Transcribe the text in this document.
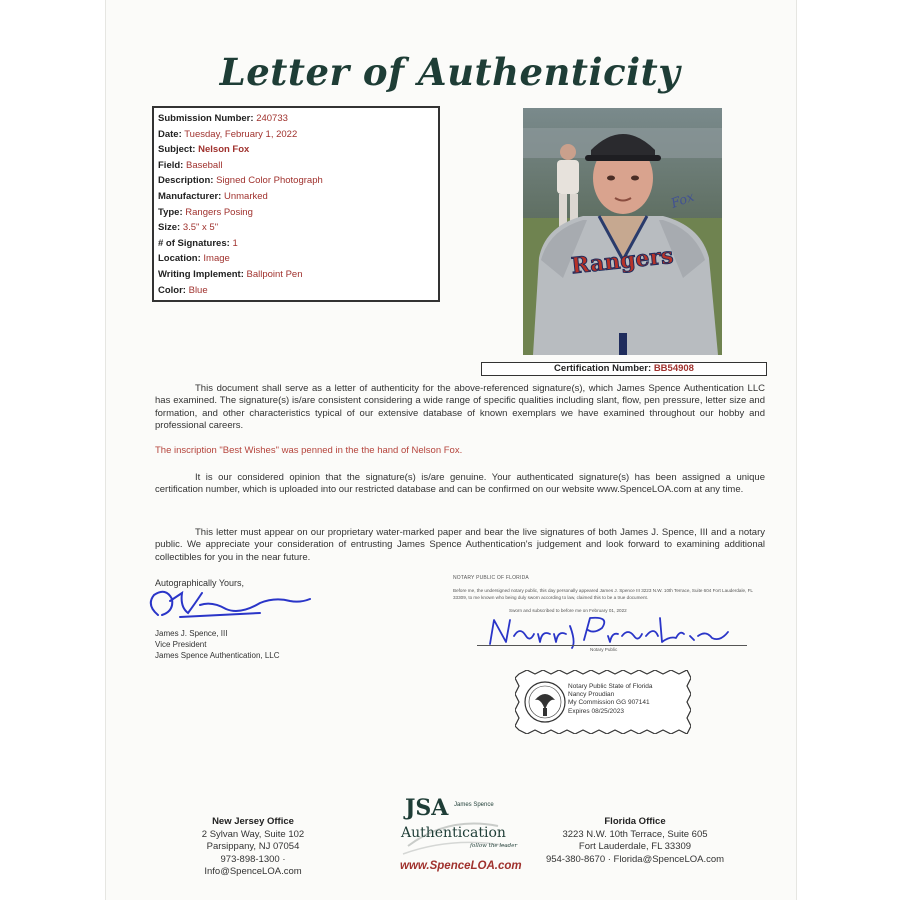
Letter of Authenticity
Submission Number: 240733
Date: Tuesday, February 1, 2022
Subject: Nelson Fox
Field: Baseball
Description: Signed Color Photograph
Manufacturer: Unmarked
Type: Rangers Posing
Size: 3.5" x 5"
# of Signatures: 1
Location: Image
Writing Implement: Ballpoint Pen
Color: Blue
Rangers
Fox
Certification Number: BB54908
This document shall serve as a letter of authenticity for the above-referenced signature(s), which James Spence Authentication LLC has examined. The signature(s) is/are consistent considering a wide range of specific qualities including slant, flow, pen pressure, letter size and formation, and other characteristics typical of our extensive database of known exemplars we have examined throughout our hobby and professional careers.
The inscription "Best Wishes" was penned in the the hand of Nelson Fox.
It is our considered opinion that the signature(s) is/are genuine. Your authenticated signature(s) has been assigned a unique certification number, which is uploaded into our restricted database and can be confirmed on our website www.SpenceLOA.com at any time.
This letter must appear on our proprietary water-marked paper and bear the live signatures of both James J. Spence, III and a notary public. We appreciate your consideration of entrusting James Spence Authentication's judgement and look forward to examining additional collectibles for you in the near future.
Autographically Yours,
James J. Spence, III
Vice President
James Spence Authentication, LLC
NOTARY PUBLIC OF FLORIDA
Before me, the undersigned notary public, this day personally appeared James J. Spence III 3223 N.W. 10th Terrace, Suite 604 Fort Lauderdale, FL 33309, to me known who being duly sworn according to law, claimed this to be a true document.
Sworn and subscribed to before me on February 01, 2022
Notary Public
Notary Public State of Florida
Nancy Proudian
My Commission GG 907141
Expires 08/25/2023
New Jersey Office
2 Sylvan Way, Suite 102
Parsippany, NJ 07054
973-898-1300 · Info@SpenceLOA.com
Florida Office
3223 N.W. 10th Terrace, Suite 605
Fort Lauderdale, FL 33309
954-380-8670 · Florida@SpenceLOA.com
JSA James Spence
Authentication
follow the leader
www.SpenceLOA.com
